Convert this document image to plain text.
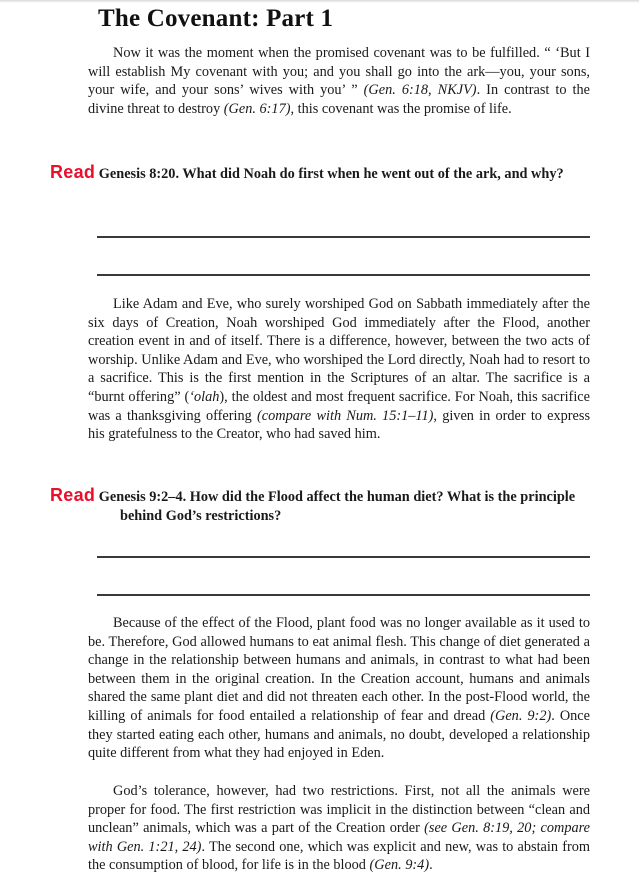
The Covenant: Part 1

Now it was the moment when the promised covenant was to be fulfilled. “ ‘But I will establish My covenant with you; and you shall go into the ark—you, your sons, your wife, and your sons’ wives with you’ ” (Gen. 6:18, NKJV). In contrast to the divine threat to destroy (Gen. 6:17), this covenant was the promise of life.

Read Genesis 8:20. What did Noah do first when he went out of the ark, and why?

Like Adam and Eve, who surely worshiped God on Sabbath immediately after the six days of Creation, Noah worshiped God immediately after the Flood, another creation event in and of itself. There is a difference, however, between the two acts of worship. Unlike Adam and Eve, who worshiped the Lord directly, Noah had to resort to a sacrifice. This is the first mention in the Scriptures of an altar. The sacrifice is a “burnt offering” (‘olah), the oldest and most frequent sacrifice. For Noah, this sacrifice was a thanksgiving offering (compare with Num. 15:1–11), given in order to express his gratefulness to the Creator, who had saved him.

Read Genesis 9:2–4. How did the Flood affect the human diet? What is the principle behind God’s restrictions?

Because of the effect of the Flood, plant food was no longer available as it used to be. Therefore, God allowed humans to eat animal flesh. This change of diet generated a change in the relationship between humans and animals, in contrast to what had been between them in the original creation. In the Creation account, humans and animals shared the same plant diet and did not threaten each other. In the post-Flood world, the killing of animals for food entailed a relationship of fear and dread (Gen. 9:2). Once they started eating each other, humans and animals, no doubt, developed a relationship quite different from what they had enjoyed in Eden.

God’s tolerance, however, had two restrictions. First, not all the animals were proper for food. The first restriction was implicit in the distinction between “clean and unclean” animals, which was a part of the Creation order (see Gen. 8:19, 20; compare with Gen. 1:21, 24). The second one, which was explicit and new, was to abstain from the consumption of blood, for life is in the blood (Gen. 9:4).
